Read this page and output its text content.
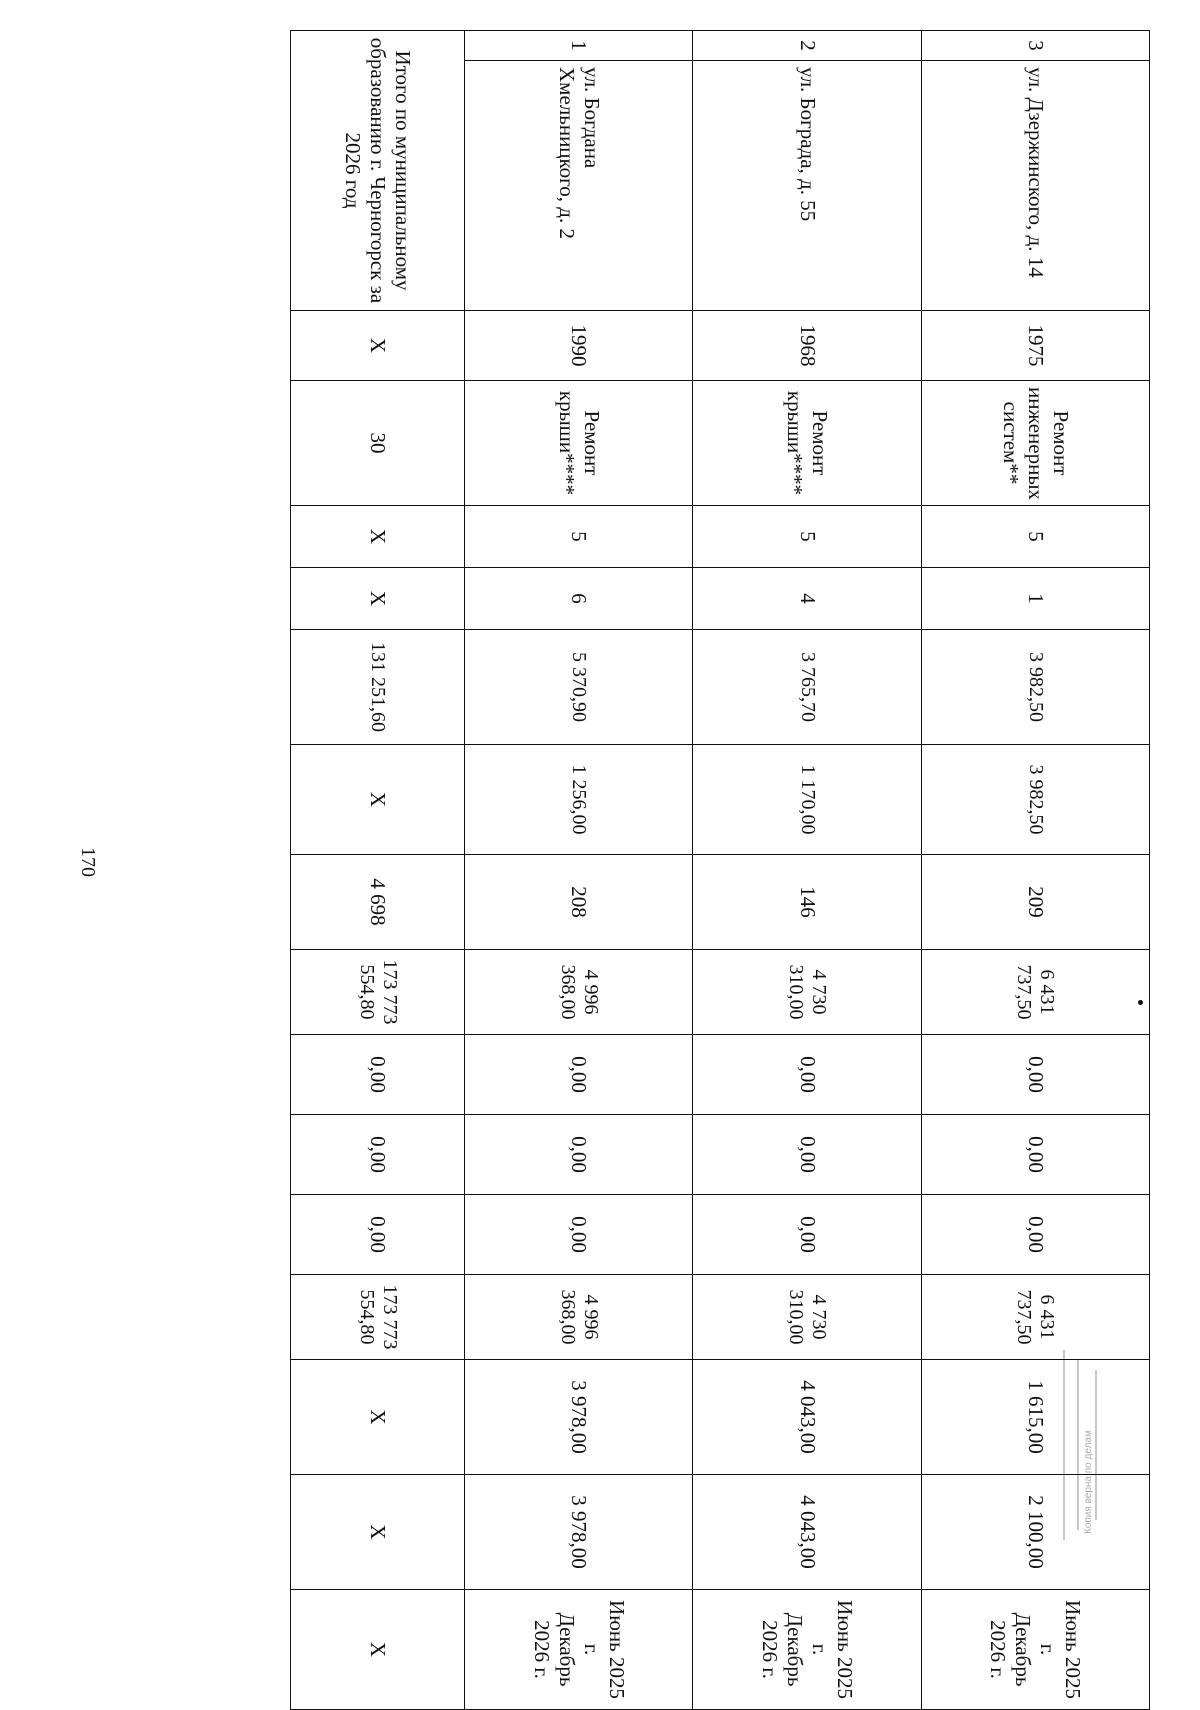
170
Копия верна по делам
3	ул. Дзержинского, д. 14	1975	Ремонт инженерных систем**	5	1	3 982,50	3 982,50	209	6 431 737,50	0,00	0,00	0,00	6 431 737,50	1 615,00	2 100,00	Июнь 2025 г.
Декабрь 2026 г.

2	ул. Бограда, д. 55	1968	Ремонт крыши****	5	4	3 765,70	1 170,00	146	4 730 310,00	0,00	0,00	0,00	4 730 310,00	4 043,00	4 043,00	Июнь 2025 г.
Декабрь 2026 г.

1	ул. Богдана Хмельницкого, д. 2	1990	Ремонт крыши****	5	6	5 370,90	1 256,00	208	4 996 368,00	0,00	0,00	0,00	4 996 368,00	3 978,00	3 978,00	Июнь 2025 г.
Декабрь 2026 г.

Итого по муниципальному образованию г. Черногорск за 2026 год		Х	30	Х	Х	131 251,60	Х	4 698	173 773 554,80	0,00	0,00	0,00	173 773 554,80	Х	Х	Х
